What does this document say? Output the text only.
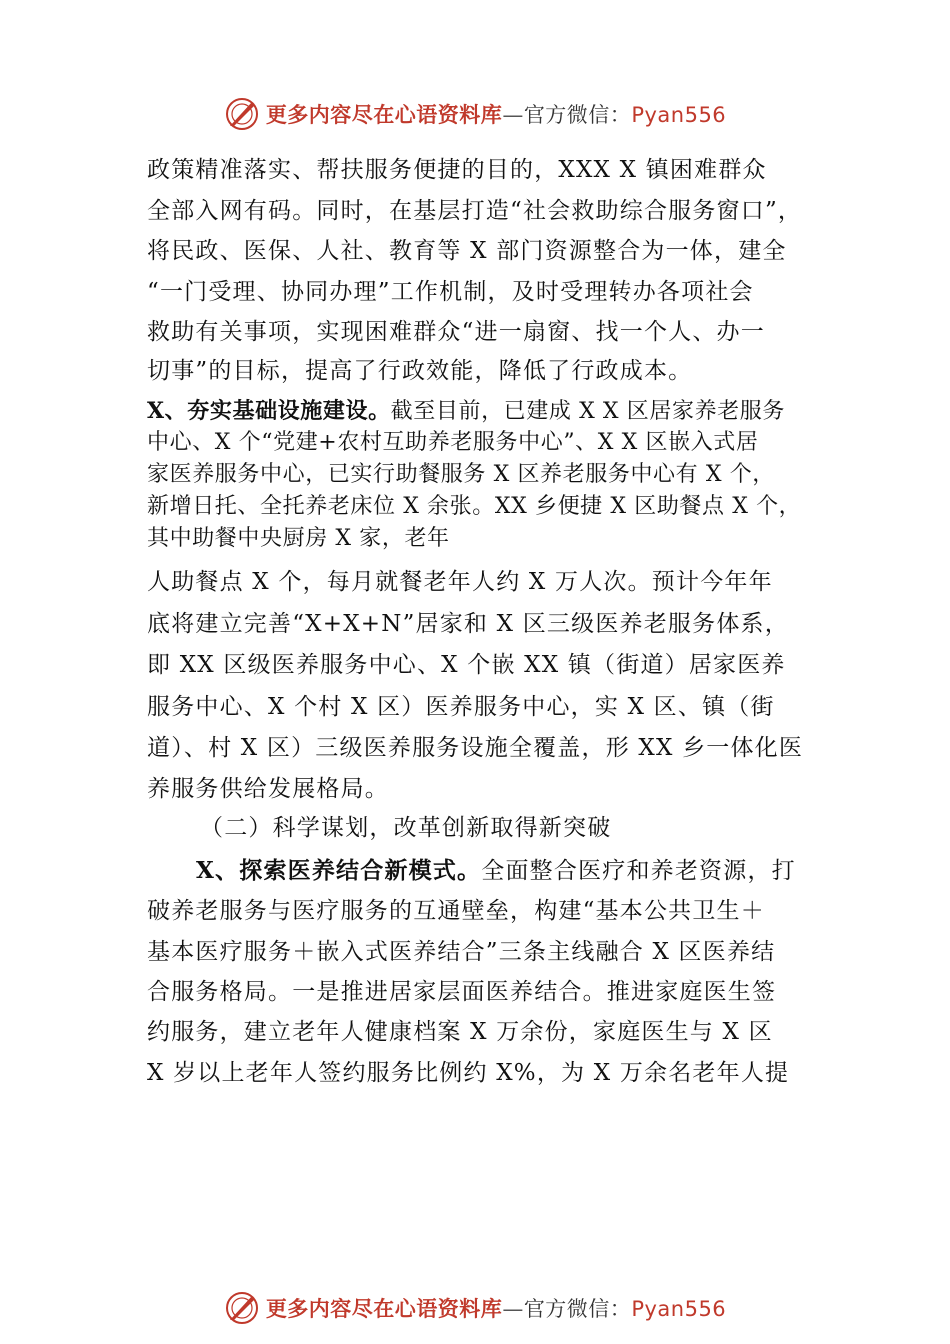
更多内容尽在心语资料库—官方微信：Pyan556
政策精准落实、帮扶服务便捷的目的，XXX X 镇困难群众
全部入网有码。同时，在基层打造“社会救助综合服务窗口”，
将民政、医保、人社、教育等 X 部门资源整合为一体，建全
“一门受理、协同办理”工作机制，及时受理转办各项社会
救助有关事项，实现困难群众“进一扇窗、找一个人、办一
切事”的目标，提高了行政效能，降低了行政成本。
X、夯实基础设施建设。截至目前，已建成 X X 区居家养老服务
中心、X 个“党建+农村互助养老服务中心”、X X 区嵌入式居
家医养服务中心，已实行助餐服务 X 区养老服务中心有 X 个，
新增日托、全托养老床位 X 余张。XX 乡便捷 X 区助餐点 X 个，
其中助餐中央厨房 X 家，老年
人助餐点 X 个，每月就餐老年人约 X 万人次。预计今年年
底将建立完善“X+X+N”居家和 X 区三级医养老服务体系，
即 XX 区级医养服务中心、X 个嵌 XX 镇（街道）居家医养
服务中心、X 个村 X 区）医养服务中心，实 X 区、镇（街
道）、村 X 区）三级医养服务设施全覆盖，形 XX 乡一体化医
养服务供给发展格局。
（二）科学谋划，改革创新取得新突破
X、探索医养结合新模式。全面整合医疗和养老资源，打
破养老服务与医疗服务的互通壁垒，构建“基本公共卫生＋
基本医疗服务＋嵌入式医养结合”三条主线融合 X 区医养结
合服务格局。一是推进居家层面医养结合。推进家庭医生签
约服务，建立老年人健康档案 X 万余份，家庭医生与 X 区
X 岁以上老年人签约服务比例约 X%，为 X 万余名老年人提
更多内容尽在心语资料库—官方微信：Pyan556
